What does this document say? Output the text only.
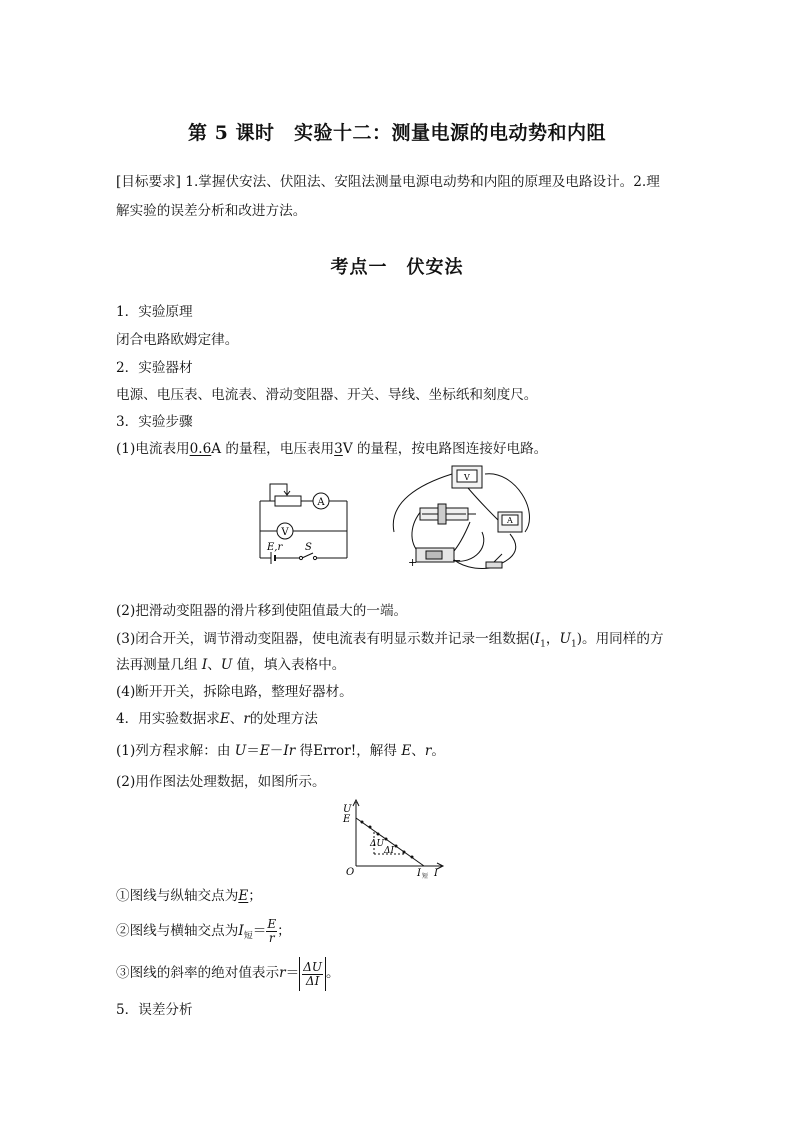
第 5 课时　实验十二：测量电源的电动势和内阻
[目标要求] 1.掌握伏安法、伏阻法、安阻法测量电源电动势和内阻的原理及电路设计。2.理
解实验的误差分析和改进方法。
考点一　伏安法
1．实验原理
闭合电路欧姆定律。
2．实验器材
电源、电压表、电流表、滑动变阻器、开关、导线、坐标纸和刻度尺。
3．实验步骤
(1)电流表用0.6A 的量程，电压表用3V 的量程，按电路图连接好电路。
A
V
E,r S
+	−
V
A
(2)把滑动变阻器的滑片移到使阻值最大的一端。
(3)闭合开关，调节滑动变阻器，使电流表有明显示数并记录一组数据($I_1$，$U_1$)。用同样的方
法再测量几组 I、U 值，填入表格中。
(4)断开开关，拆除电路，整理好器材。
4．用实验数据求E、r的处理方法
(1)列方程求解：由 U＝E－Ir 得Error!，解得 E、r。
(2)用作图法处理数据，如图所示。
U
E
O	I 短 I
ΔU
ΔI
①图线与纵轴交点为E；
②图线与横轴交点为$I_短= \frac{E}{r}$ ；
③图线的斜率的绝对值表示$r= \frac{\Delta U}{\Delta I}$ 。
5．误差分析
